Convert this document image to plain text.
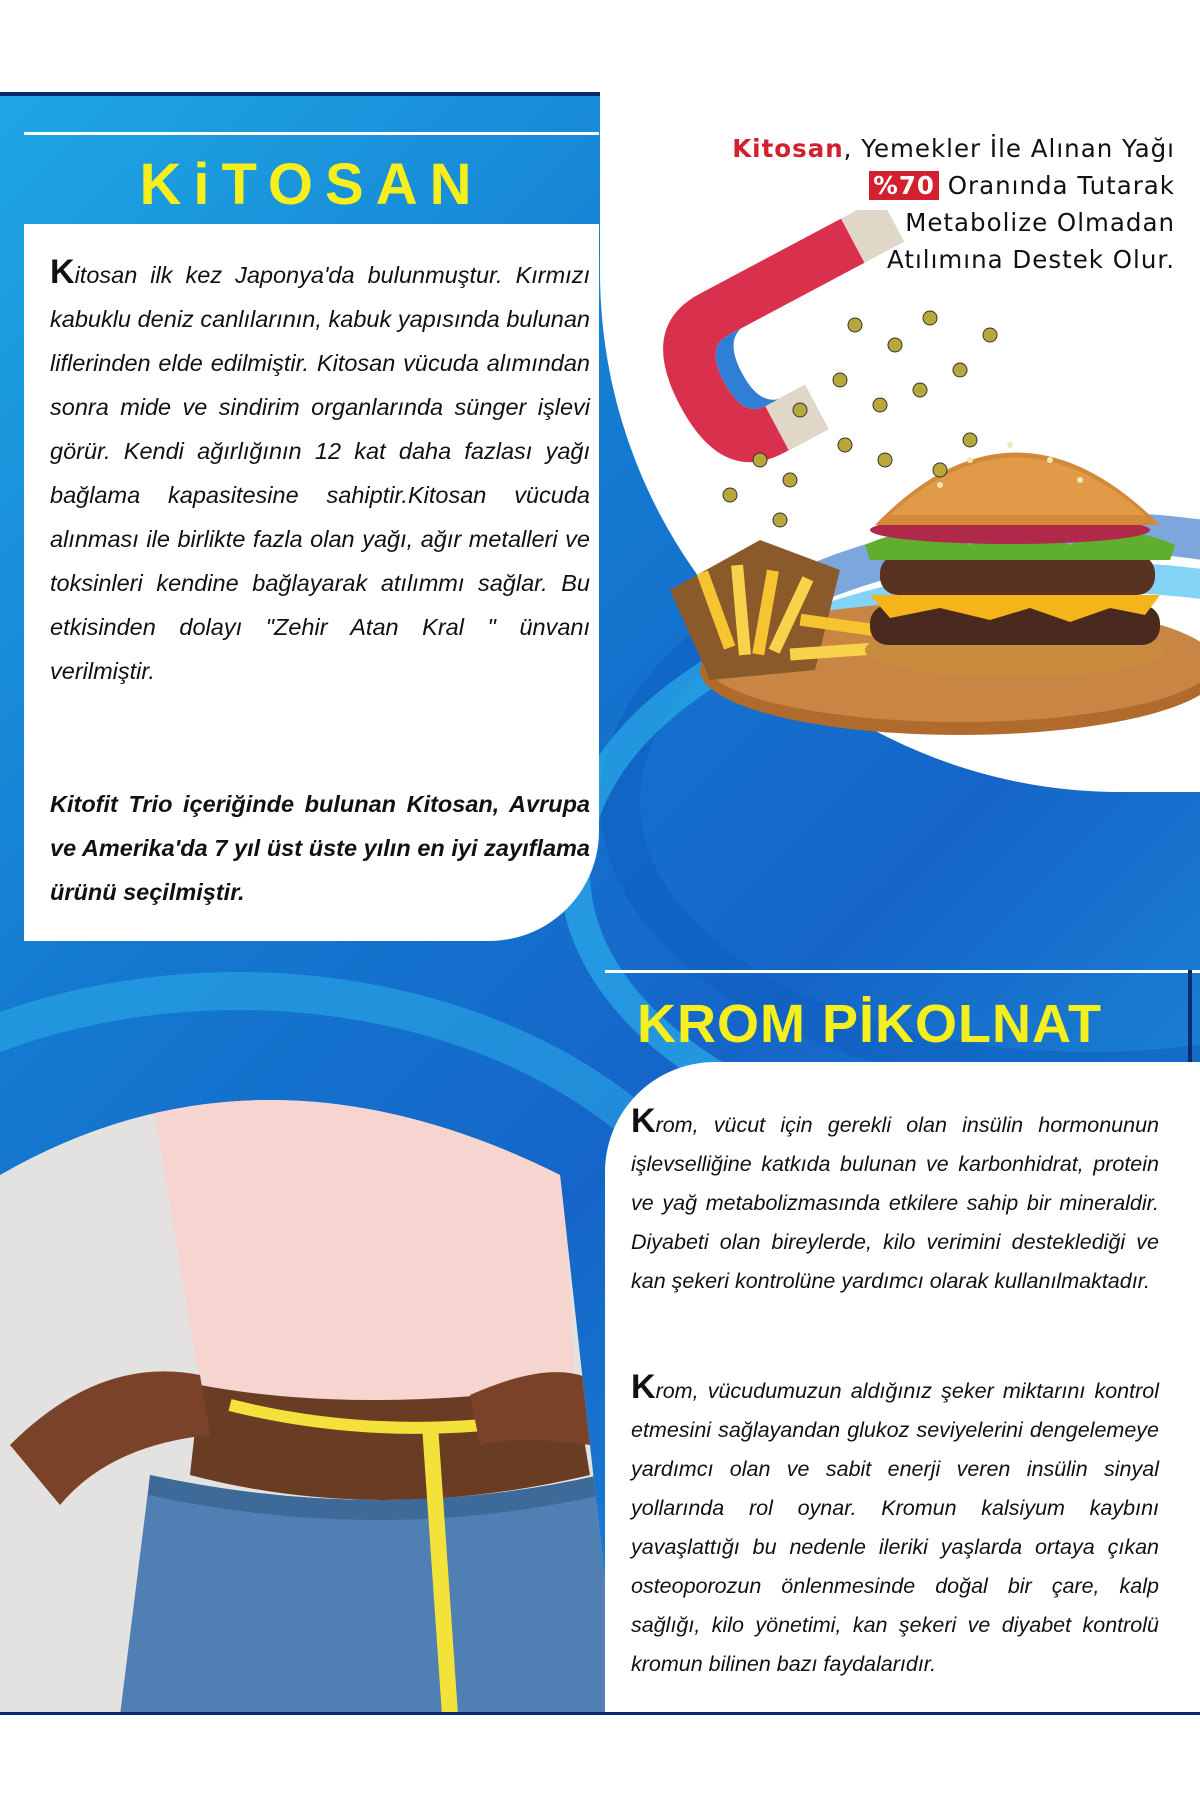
KiTOSAN
Kitosan ilk kez Japonya'da bulunmuştur. Kırmızı kabuklu deniz canlılarının, kabuk yapısında bulunan liflerinden elde edilmiştir. Kitosan vücuda alımından sonra mide ve sindirim organlarında sünger işlevi görür. Kendi ağırlığının 12 kat daha fazlası yağı bağlama kapasitesine sahiptir.Kitosan vücuda alınması ile birlikte fazla olan yağı, ağır metalleri ve toksinleri kendine bağlayarak atılımmı sağlar. Bu etkisinden dolayı "Zehir Atan Kral " ünvanı verilmiştir.
Kitofit Trio içeriğinde bulunan Kitosan, Avrupa ve Amerika'da 7 yıl üst üste yılın en iyi zayıflama ürünü seçilmiştir.
Kitosan, Yemekler İle Alınan Yağı
%70 Oranında Tutarak
Metabolize Olmadan
Atılımına Destek Olur.
KROM PİKOLNAT
Krom, vücut için gerekli olan insülin hormonunun işlevselliğine katkıda bulunan ve karbonhidrat, protein ve yağ metabolizmasında etkilere sahip bir mineraldir. Diyabeti olan bireylerde, kilo verimini desteklediği ve kan şekeri kontrolüne yardımcı olarak kullanılmaktadır.
Krom, vücudumuzun aldığınız şeker miktarını kontrol etmesini sağlayandan glukoz seviyelerini dengelemeye yardımcı olan ve sabit enerji veren insülin sinyal yollarında rol oynar. Kromun kalsiyum kaybını yavaşlattığı bu nedenle ileriki yaşlarda ortaya çıkan osteoporozun önlenmesinde doğal bir çare, kalp sağlığı, kilo yönetimi, kan şekeri ve diyabet kontrolü kromun bilinen bazı faydalarıdır.
